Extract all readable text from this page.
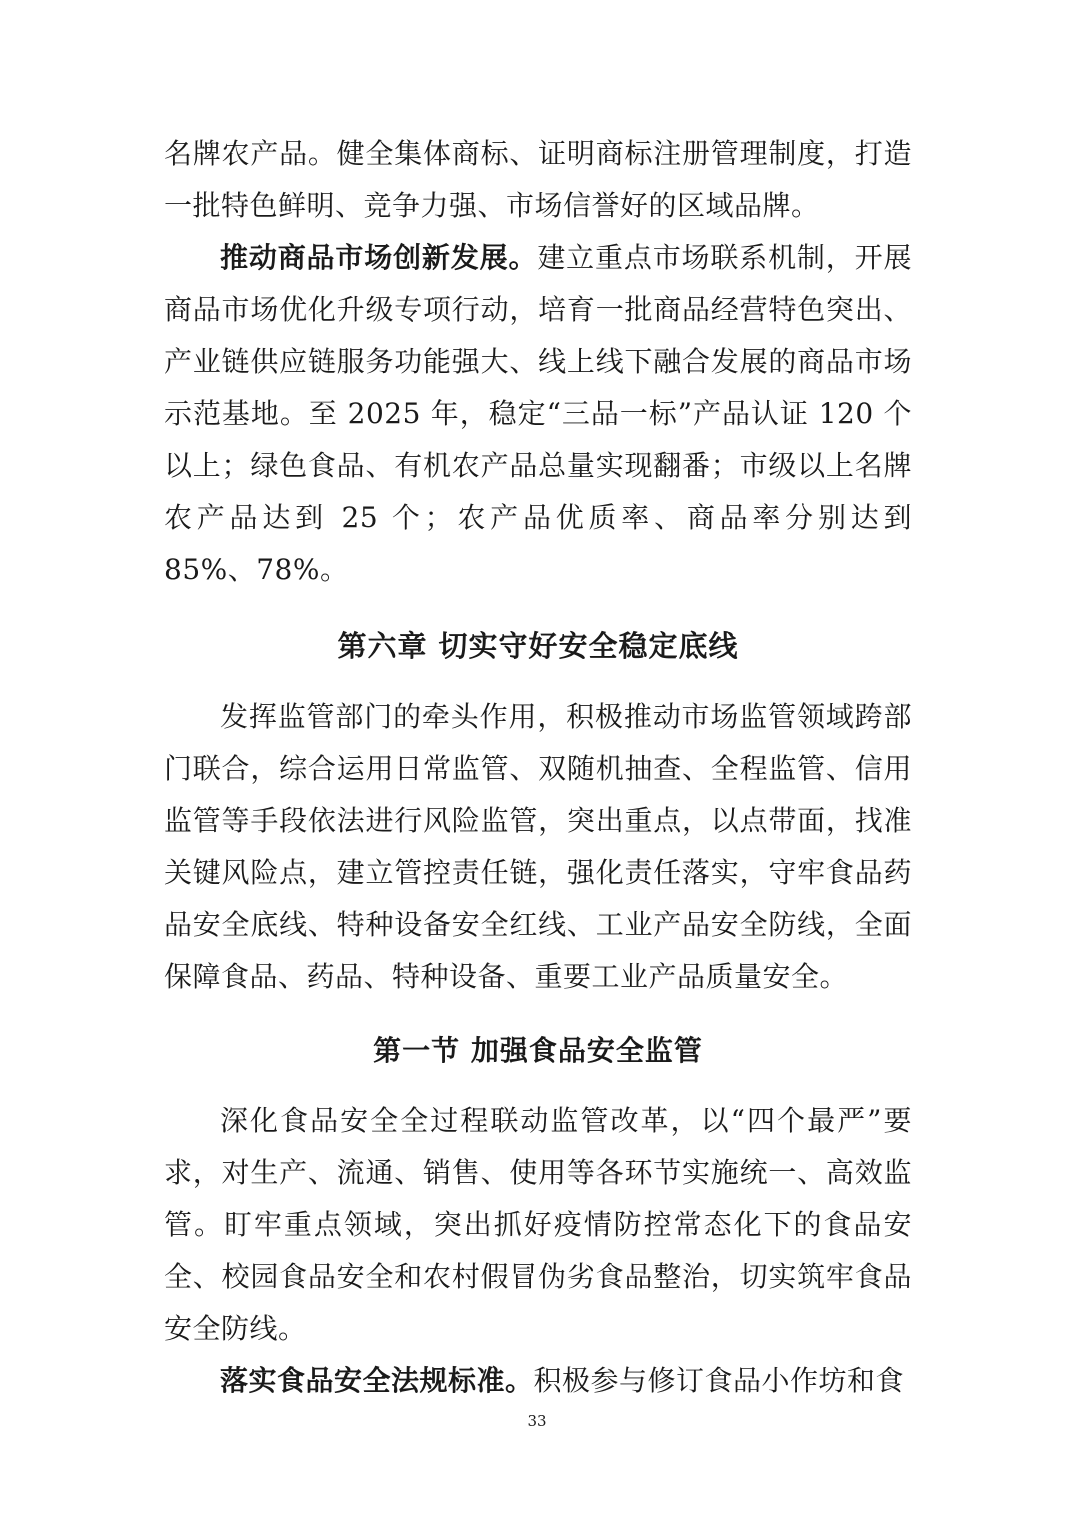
名牌农产品。健全集体商标、证明商标注册管理制度，打造一批特色鲜明、竞争力强、市场信誉好的区域品牌。

推动商品市场创新发展。建立重点市场联系机制，开展商品市场优化升级专项行动，培育一批商品经营特色突出、产业链供应链服务功能强大、线上线下融合发展的商品市场示范基地。至 2025 年，稳定“三品一标”产品认证 120 个以上；绿色食品、有机农产品总量实现翻番；市级以上名牌农产品达到 25 个；农产品优质率、商品率分别达到 85%、78%。

第六章 切实守好安全稳定底线

发挥监管部门的牵头作用，积极推动市场监管领域跨部门联合，综合运用日常监管、双随机抽查、全程监管、信用监管等手段依法进行风险监管，突出重点，以点带面，找准关键风险点，建立管控责任链，强化责任落实，守牢食品药品安全底线、特种设备安全红线、工业产品安全防线，全面保障食品、药品、特种设备、重要工业产品质量安全。

第一节 加强食品安全监管

深化食品安全全过程联动监管改革，以“四个最严”要求，对生产、流通、销售、使用等各环节实施统一、高效监管。盯牢重点领域，突出抓好疫情防控常态化下的食品安全、校园食品安全和农村假冒伪劣食品整治，切实筑牢食品安全防线。

落实食品安全法规标准。积极参与修订食品小作坊和食

33
